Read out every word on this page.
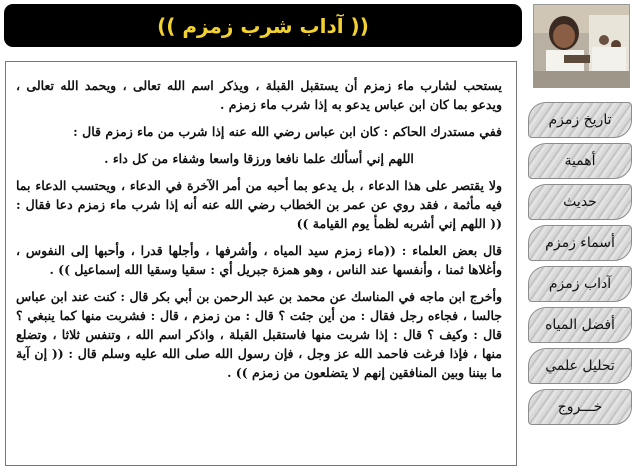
(( آداب شرب زمزم ))

يستحب لشارب ماء زمزم أن يستقبل القبلة ، ويذكر اسم الله تعالى ، ويحمد الله تعالى ، ويدعو بما كان ابن عباس يدعو به إذا شرب ماء زمزم .

ففي مستدرك الحاكم : كان ابن عباس رضي الله عنه إذا شرب من ماء زمزم قال :

اللهم إني أسألك علما نافعا ورزقا واسعا وشفاء من كل داء .

ولا يقتصر على هذا الدعاء ، بل يدعو بما أحبه من أمر الآخرة في الدعاء ، ويحتسب الدعاء بما فيه مأثمة ، فقد روي عن عمر بن الخطاب رضي الله عنه أنه إذا شرب ماء زمزم دعا فقال : (( اللهم إني أشربه لظمأ يوم القيامة ))

قال بعض العلماء : ((ماء زمزم سيد المياه ، وأشرفها ، وأجلها قدرا ، وأحبها إلى النفوس ، وأغلاها ثمنا ، وأنفسها عند الناس ، وهو همزة جبريل أي : سقيا وسقيا الله إسماعيل )) .

وأخرج ابن ماجه في المناسك عن محمد بن عبد الرحمن بن أبي بكر قال : كنت عند ابن عباس جالسا ، فجاءه رجل فقال : من أين جئت ؟ قال : من زمزم ، قال : فشربت منها كما ينبغي ؟ قال : وكيف ؟ قال : إذا شربت منها فاستقبل القبلة ، واذكر اسم الله ، وتنفس ثلاثا ، وتضلع منها ، فإذا فرغت فاحمد الله عز وجل ، فإن رسول الله صلى الله عليه وسلم قال : (( إن آية ما بيننا وبين المنافقين إنهم لا يتضلعون من زمزم )) .

تاريخ زمزم
أهمية
حديث
أسماء زمزم
آداب زمزم
أفضل المياه
تحليل علمي
خـــروج
